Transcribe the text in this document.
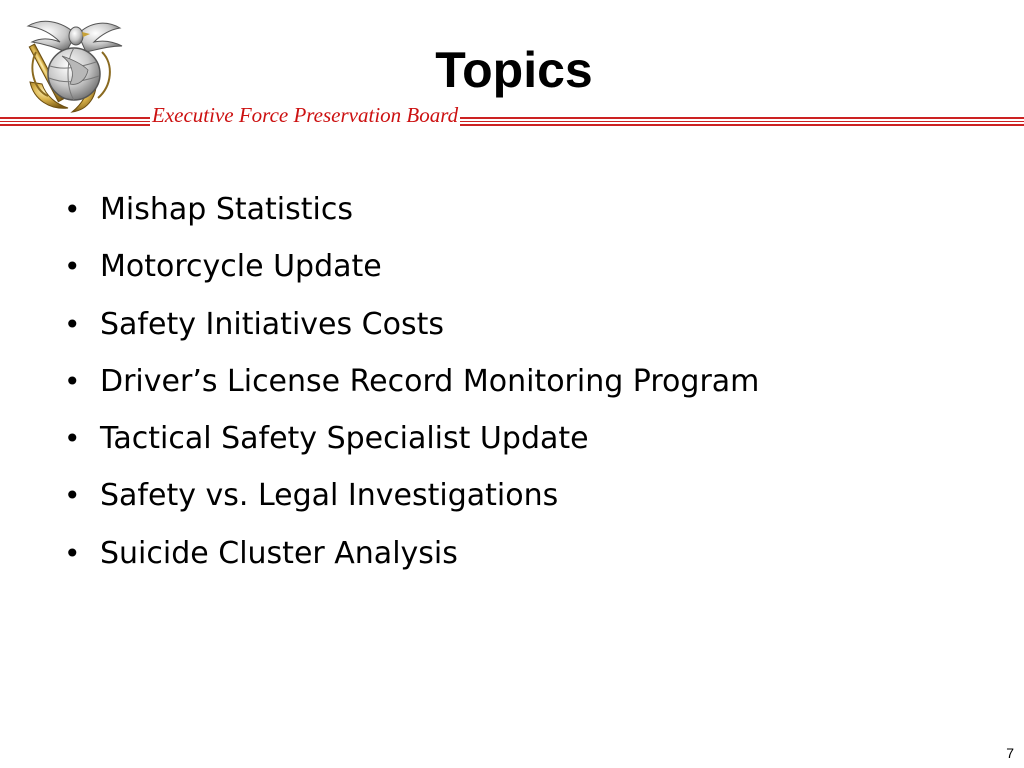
Topics
Executive Force Preservation Board
• Mishap Statistics
• Motorcycle Update
• Safety Initiatives Costs
• Driver’s License Record Monitoring Program
• Tactical Safety Specialist Update
• Safety vs. Legal Investigations
• Suicide Cluster Analysis
7
